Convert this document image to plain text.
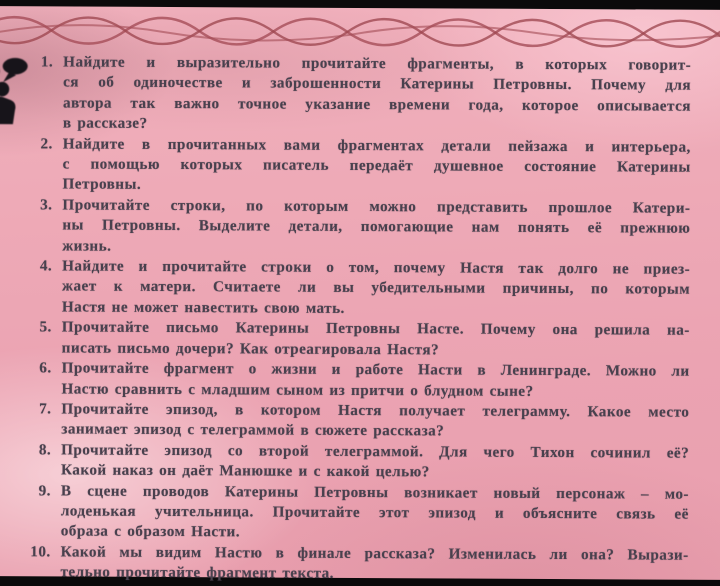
1. Найдите и выразительно прочитайте фрагменты, в которых говорит-
ся об одиночестве и заброшенности Катерины Петровны. Почему для
автора так важно точное указание времени года, которое описывается
в рассказе?
2. Найдите в прочитанных вами фрагментах детали пейзажа и интерьера,
с помощью которых писатель передаёт душевное состояние Катерины
Петровны.
3. Прочитайте строки, по которым можно представить прошлое Катери-
ны Петровны. Выделите детали, помогающие нам понять её прежнюю
жизнь.
4. Найдите и прочитайте строки о том, почему Настя так долго не приез-
жает к матери. Считаете ли вы убедительными причины, по которым
Настя не может навестить свою мать.
5. Прочитайте письмо Катерины Петровны Насте. Почему она решила на-
писать письмо дочери? Как отреагировала Настя?
6. Прочитайте фрагмент о жизни и работе Насти в Ленинграде. Можно ли
Настю сравнить с младшим сыном из притчи о блудном сыне?
7. Прочитайте эпизод, в котором Настя получает телеграмму. Какое место
занимает эпизод с телеграммой в сюжете рассказа?
8. Прочитайте эпизод со второй телеграммой. Для чего Тихон сочинил её?
Какой наказ он даёт Манюшке и с какой целью?
9. В сцене проводов Катерины Петровны возникает новый персонаж – мо-
лоденькая учительница. Прочитайте этот эпизод и объясните связь её
образа с образом Насти.
10. Какой мы видим Настю в финале рассказа? Изменилась ли она? Вырази-
тельно прочитайте фрагмент текста.
